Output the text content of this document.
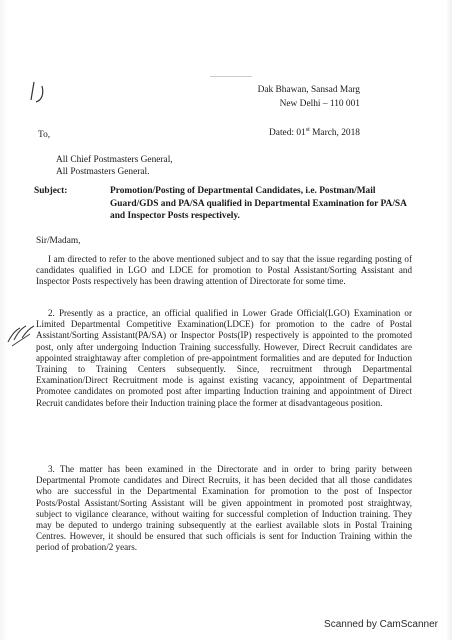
Dak Bhawan, Sansad Marg
New Delhi – 110 001
Dated: 01st March, 2018
To,
All Chief Postmasters General,
All Postmasters General.
Subject:	Promotion/Posting of Departmental Candidates, i.e. Postman/Mail Guard/GDS and PA/SA qualified in Departmental Examination for PA/SA and Inspector Posts respectively.
Sir/Madam,
I am directed to refer to the above mentioned subject and to say that the issue regarding posting of candidates qualified in LGO and LDCE for promotion to Postal Assistant/Sorting Assistant and Inspector Posts respectively has been drawing attention of Directorate for some time.
2. Presently as a practice, an official qualified in Lower Grade Official(LGO) Examination or Limited Departmental Competitive Examination(LDCE) for promotion to the cadre of Postal Assistant/Sorting Assistant(PA/SA) or Inspector Posts(IP) respectively is appointed to the promoted post, only after undergoing Induction Training successfully. However, Direct Recruit candidates are appointed straightaway after completion of pre-appointment formalities and are deputed for Induction Training to Training Centers subsequently. Since, recruitment through Departmental Examination/Direct Recruitment mode is against existing vacancy, appointment of Departmental Promotee candidates on promoted post after imparting Induction training and appointment of Direct Recruit candidates before their Induction training place the former at disadvantageous position.
3. The matter has been examined in the Directorate and in order to bring parity between Departmental Promote candidates and Direct Recruits, it has been decided that all those candidates who are successful in the Departmental Examination for promotion to the post of Inspector Posts/Postal Assistant/Sorting Assistant will be given appointment in promoted post straightway, subject to vigilance clearance, without waiting for successful completion of Induction training. They may be deputed to undergo training subsequently at the earliest available slots in Postal Training Centres. However, it should be ensured that such officials is sent for Induction Training within the period of probation/2 years.
Scanned by CamScanner
